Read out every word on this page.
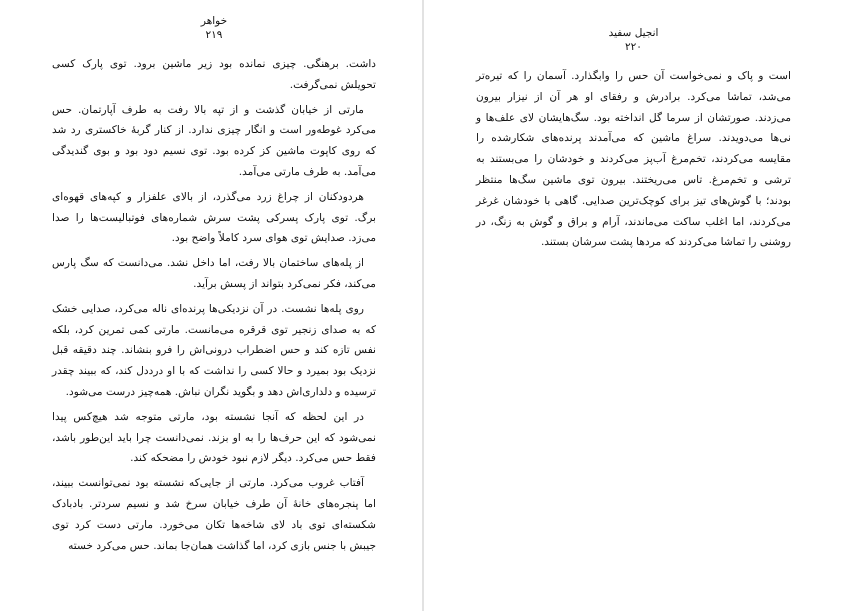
خواهر
۲۱۹

داشت. برهنگی. چیزی نمانده بود زیر ماشین برود. توی پارک کسی تحویلش نمی‌گرفت.

مارتی از خیابان گذشت و از تپه بالا رفت به طرف آپارتمان. حس می‌کرد غوطه‌ور است و انگار چیزی ندارد. از کنار گربهٔ خاکستری رد شد که روی کاپوت ماشین کز کرده بود. توی نسیم دود بود و بوی گندیدگی می‌آمد. به طرف مارتی می‌آمد.

هردودکنان از چراغ زرد می‌گذرد، از بالای علفزار و کپه‌های قهوه‌ای برگ. توی پارک پسرکی پشت سرش شماره‌های فوتبالیست‌ها را صدا می‌زد. صدایش توی هوای سرد کاملاً واضح بود.

از پله‌های ساختمان بالا رفت، اما داخل نشد. می‌دانست که سگ پارس می‌کند، فکر نمی‌کرد بتواند از پسش برآید.

روی پله‌ها نشست. در آن نزدیکی‌ها پرنده‌ای ناله می‌کرد، صدایی خشک که به صدای زنجیر توی قرقره می‌مانست. مارتی کمی تمرین کرد، بلکه نفس تازه کند و حس اضطراب درونی‌اش را فرو بنشاند. چند دقیقه قبل نزدیک بود بمیرد و حالا کسی را نداشت که با او درددل کند، که ببیند چقدر ترسیده و دلداری‌اش دهد و بگوید نگران نباش. همه‌چیز درست می‌شود.

در این لحظه که آنجا نشسته بود، مارتی متوجه شد هیچ‌کس پیدا نمی‌شود که این حرف‌ها را به او بزند. نمی‌دانست چرا باید این‌طور باشد، فقط حس می‌کرد. دیگر لازم نبود خودش را مضحکه کند.

آفتاب غروب می‌کرد. مارتی از جایی‌که نشسته بود نمی‌توانست ببیند، اما پنجره‌های خانهٔ آن طرف خیابان سرخ شد و نسیم سردتر. بادبادک شکسته‌ای توی باد لای شاخه‌ها تکان می‌خورد. مارتی دست کرد توی جیبش با جنس بازی کرد، اما گذاشت همان‌جا بماند. حس می‌کرد خسته

انجیل سفید
۲۲۰

است و پاک و نمی‌خواست آن حس را وابگذارد. آسمان را که تیره‌تر می‌شد، تماشا می‌کرد. برادرش و رفقای او هر آن از نیزار بیرون می‌زدند. صورتشان از سرما گل انداخته بود. سگ‌هایشان لای علف‌ها و نی‌ها می‌دویدند. سراغ ماشین که می‌آمدند پرنده‌های شکارشده را مقایسه می‌کردند، تخم‌مرغ آب‌پز می‌کردند و خودشان را می‌بستند به ترشی و تخم‌مرغ. تاس می‌ریختند. بیرون توی ماشین سگ‌ها منتظر بودند؛ با گوش‌های تیز برای کوچک‌ترین صدایی. گاهی با خودشان غرغر می‌کردند، اما اغلب ساکت می‌ماندند، آرام و براق و گوش به زنگ، در روشنی را تماشا می‌کردند که مردها پشت سرشان بستند.
